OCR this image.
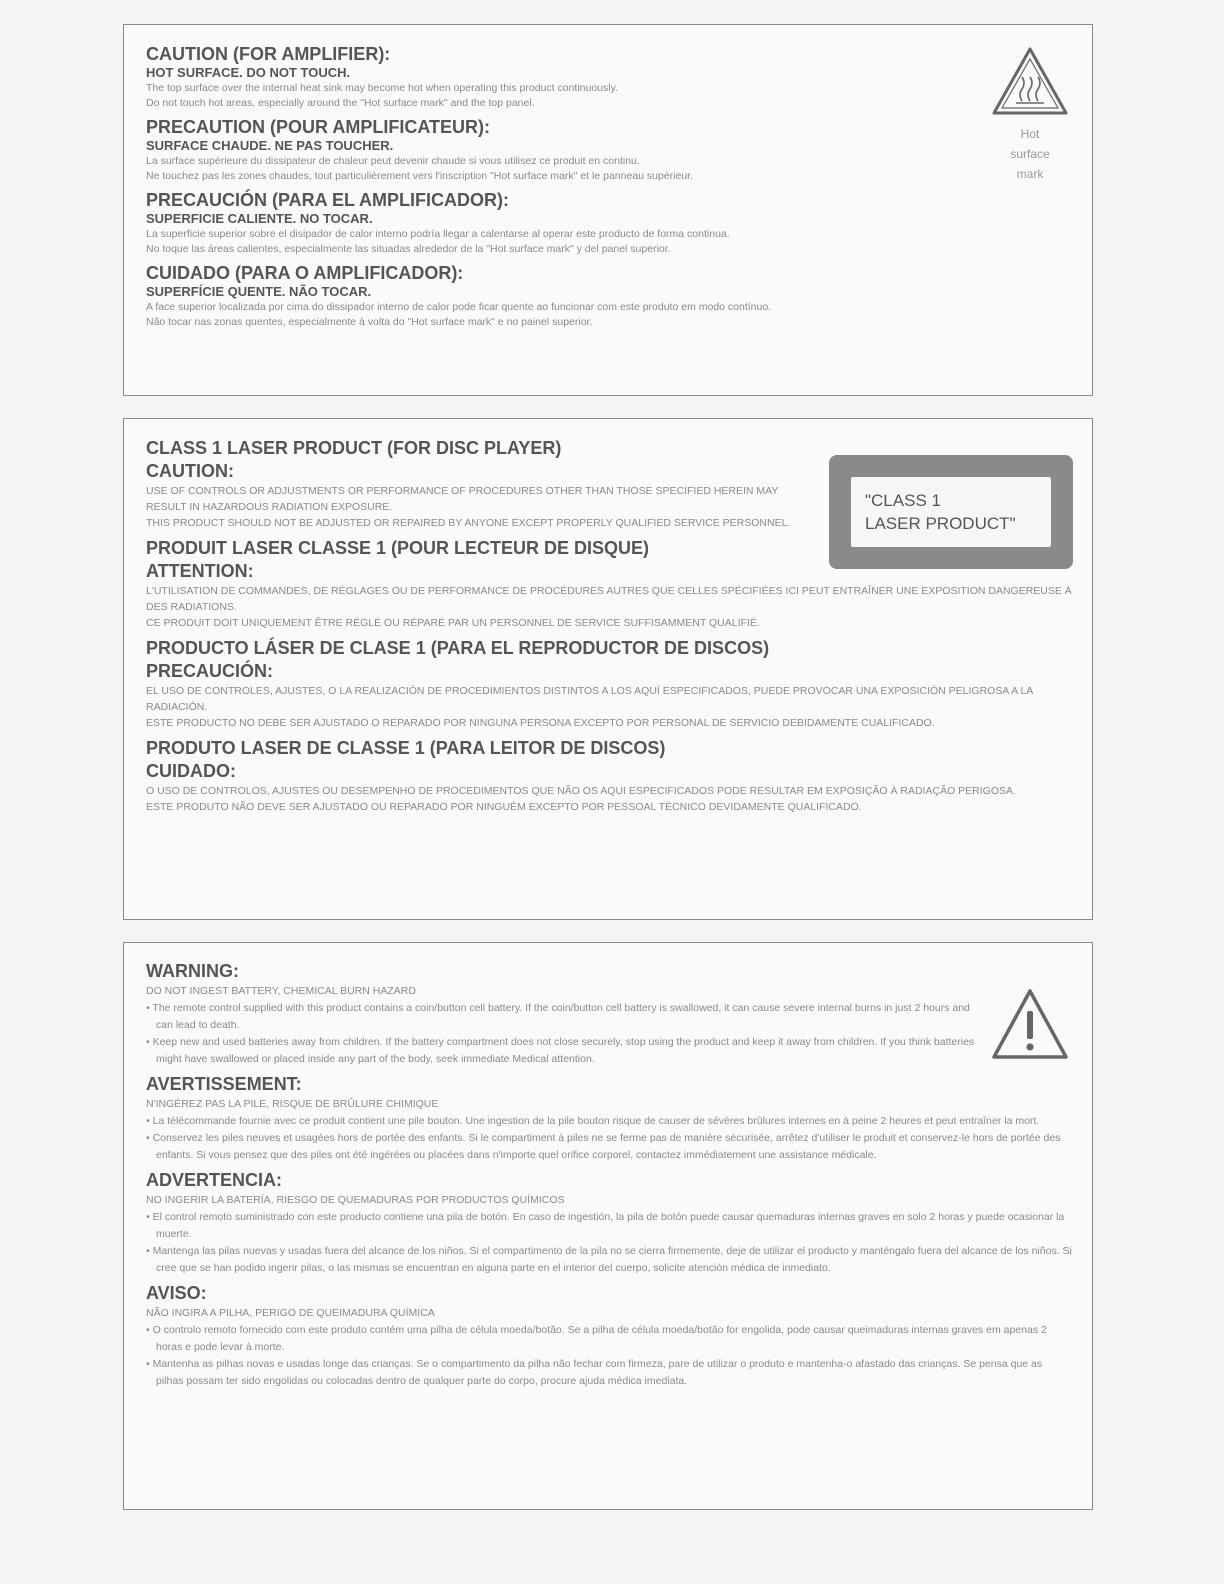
CAUTION (FOR AMPLIFIER):

HOT SURFACE. DO NOT TOUCH.

The top surface over the internal heat sink may become hot when operating this product continuously.

Do not touch hot areas, especially around the "Hot surface mark" and the top panel.

PRECAUTION (POUR AMPLIFICATEUR):

SURFACE CHAUDE. NE PAS TOUCHER.

La surface supérieure du dissipateur de chaleur peut devenir chaude si vous utilisez ce produit en continu.

Ne touchez pas les zones chaudes, tout particulièrement vers l'inscription "Hot surface mark" et le panneau supérieur.

PRECAUCIÓN (PARA EL AMPLIFICADOR):

SUPERFICIE CALIENTE. NO TOCAR.

La superficie superior sobre el disipador de calor interno podría llegar a calentarse al operar este producto de forma continua.

No toque las áreas calientes, especialmente las situadas alrededor de la "Hot surface mark" y del panel superior.

CUIDADO (PARA O AMPLIFICADOR):

SUPERFÍCIE QUENTE. NÃO TOCAR.

A face superior localizada por cima do dissipador interno de calor pode ficar quente ao funcionar com este produto em modo contínuo.

Não tocar nas zonas quentes, especialmente à volta do "Hot surface mark" e no painel superior.

Hot
surface
mark

CLASS 1 LASER PRODUCT (FOR DISC PLAYER)

CAUTION:

USE OF CONTROLS OR ADJUSTMENTS OR PERFORMANCE OF PROCEDURES OTHER THAN THOSE SPECIFIED HEREIN MAY RESULT IN HAZARDOUS RADIATION EXPOSURE.

THIS PRODUCT SHOULD NOT BE ADJUSTED OR REPAIRED BY ANYONE EXCEPT PROPERLY QUALIFIED SERVICE PERSONNEL.

PRODUIT LASER CLASSE 1 (POUR LECTEUR DE DISQUE)

ATTENTION:

L'UTILISATION DE COMMANDES, DE RÉGLAGES OU DE PERFORMANCE DE PROCÉDURES AUTRES QUE CELLES SPÉCIFIÉES ICI PEUT ENTRAÎNER UNE EXPOSITION DANGEREUSE À DES RADIATIONS.

CE PRODUIT DOIT UNIQUEMENT ÊTRE RÉGLÉ OU RÉPARÉ PAR UN PERSONNEL DE SERVICE SUFFISAMMENT QUALIFIÉ.

PRODUCTO LÁSER DE CLASE 1 (PARA EL REPRODUCTOR DE DISCOS)

PRECAUCIÓN:

EL USO DE CONTROLES, AJUSTES, O LA REALIZACIÓN DE PROCEDIMIENTOS DISTINTOS A LOS AQUÍ ESPECIFICADOS, PUEDE PROVOCAR UNA EXPOSICIÓN PELIGROSA A LA RADIACIÓN.

ESTE PRODUCTO NO DEBE SER AJUSTADO O REPARADO POR NINGUNA PERSONA EXCEPTO POR PERSONAL DE SERVICIO DEBIDAMENTE CUALIFICADO.

PRODUTO LASER DE CLASSE 1 (PARA LEITOR DE DISCOS)

CUIDADO:

O USO DE CONTROLOS, AJUSTES OU DESEMPENHO DE PROCEDIMENTOS QUE NÃO OS AQUI ESPECIFICADOS PODE RESULTAR EM EXPOSIÇÃO À RADIAÇÃO PERIGOSA.

ESTE PRODUTO NÃO DEVE SER AJUSTADO OU REPARADO POR NINGUÉM EXCEPTO POR PESSOAL TÉCNICO DEVIDAMENTE QUALIFICADO.

"CLASS 1
LASER PRODUCT"

WARNING:

DO NOT INGEST BATTERY, CHEMICAL BURN HAZARD

• The remote control supplied with this product contains a coin/button cell battery. If the coin/button cell battery is swallowed, it can cause severe internal burns in just 2 hours and can lead to death.

• Keep new and used batteries away from children. If the battery compartment does not close securely, stop using the product and keep it away from children. If you think batteries might have swallowed or placed inside any part of the body, seek immediate Medical attention.

AVERTISSEMENT:

N'INGÉREZ PAS LA PILE, RISQUE DE BRÛLURE CHIMIQUE

• La télécommande fournie avec ce produit contient une pile bouton. Une ingestion de la pile bouton risque de causer de sévères brûlures internes en à peine 2 heures et peut entraîner la mort.

• Conservez les piles neuves et usagées hors de portée des enfants. Si le compartiment à piles ne se ferme pas de manière sécurisée, arrêtez d'utiliser le produit et conservez-le hors de portée des enfants. Si vous pensez que des piles ont été ingérées ou placées dans n'importe quel orifice corporel, contactez immédiatement une assistance médicale.

ADVERTENCIA:

NO INGERIR LA BATERÍA, RIESGO DE QUEMADURAS POR PRODUCTOS QUÍMICOS

• El control remoto suministrado con este producto contiene una pila de botón. En caso de ingestión, la pila de botón puede causar quemaduras internas graves en solo 2 horas y puede ocasionar la muerte.

• Mantenga las pilas nuevas y usadas fuera del alcance de los niños. Si el compartimento de la pila no se cierra firmemente, deje de utilizar el producto y manténgalo fuera del alcance de los niños. Si cree que se han podido ingerir pilas, o las mismas se encuentran en alguna parte en el interior del cuerpo, solicite atención médica de inmediato.

AVISO:

NÃO INGIRA A PILHA, PERIGO DE QUEIMADURA QUÍMICA

• O controlo remoto fornecido com este produto contém uma pilha de célula moeda/botão. Se a pilha de célula moeda/botão for engolida, pode causar queimaduras internas graves em apenas 2 horas e pode levar à morte.

• Mantenha as pilhas novas e usadas longe das crianças. Se o compartimento da pilha não fechar com firmeza, pare de utilizar o produto e mantenha-o afastado das crianças. Se pensa que as pilhas possam ter sido engolidas ou colocadas dentro de qualquer parte do corpo, procure ajuda médica imediata.
